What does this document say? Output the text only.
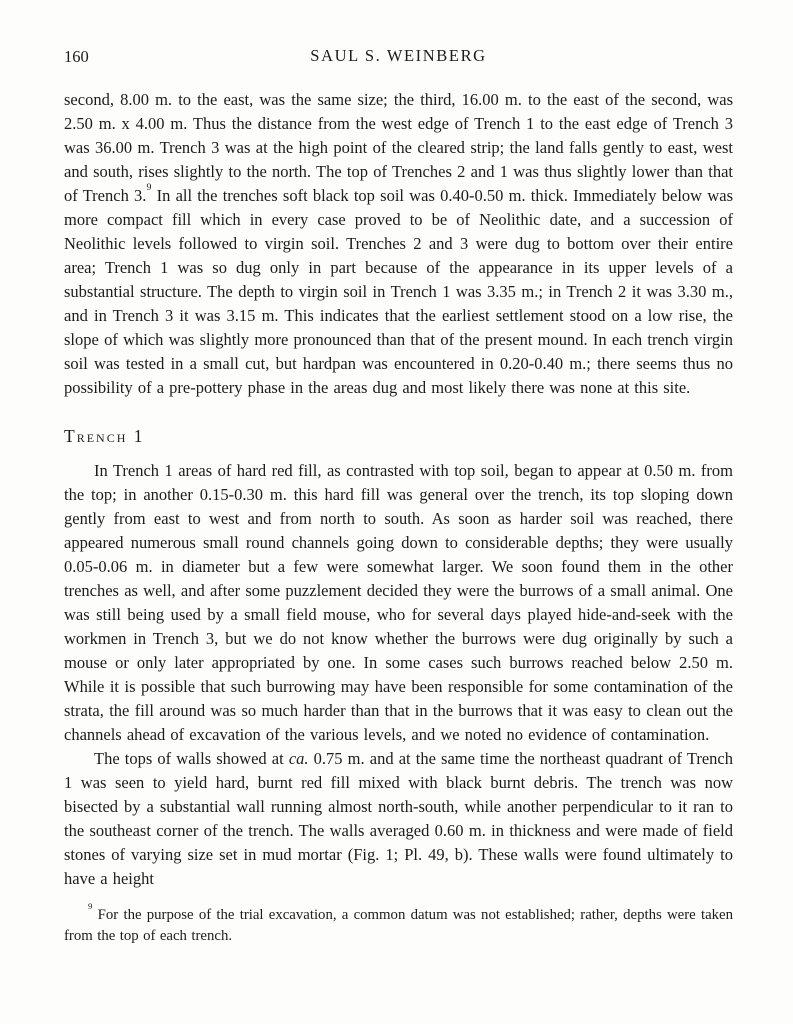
160	SAUL S. WEINBERG

second, 8.00 m. to the east, was the same size; the third, 16.00 m. to the east of the second, was 2.50 m. x 4.00 m. Thus the distance from the west edge of Trench 1 to the east edge of Trench 3 was 36.00 m. Trench 3 was at the high point of the cleared strip; the land falls gently to east, west and south, rises slightly to the north. The top of Trenches 2 and 1 was thus slightly lower than that of Trench 3.$^9$ In all the trenches soft black top soil was 0.40-0.50 m. thick. Immediately below was more compact fill which in every case proved to be of Neolithic date, and a succession of Neolithic levels followed to virgin soil. Trenches 2 and 3 were dug to bottom over their entire area; Trench 1 was so dug only in part because of the appearance in its upper levels of a substantial structure. The depth to virgin soil in Trench 1 was 3.35 m.; in Trench 2 it was 3.30 m., and in Trench 3 it was 3.15 m. This indicates that the earliest settlement stood on a low rise, the slope of which was slightly more pronounced than that of the present mound. In each trench virgin soil was tested in a small cut, but hardpan was encountered in 0.20-0.40 m.; there seems thus no possibility of a pre-pottery phase in the areas dug and most likely there was none at this site.

Trench 1

In Trench 1 areas of hard red fill, as contrasted with top soil, began to appear at 0.50 m. from the top; in another 0.15-0.30 m. this hard fill was general over the trench, its top sloping down gently from east to west and from north to south. As soon as harder soil was reached, there appeared numerous small round channels going down to considerable depths; they were usually 0.05-0.06 m. in diameter but a few were somewhat larger. We soon found them in the other trenches as well, and after some puzzlement decided they were the burrows of a small animal. One was still being used by a small field mouse, who for several days played hide-and-seek with the workmen in Trench 3, but we do not know whether the burrows were dug originally by such a mouse or only later appropriated by one. In some cases such burrows reached below 2.50 m. While it is possible that such burrowing may have been responsible for some contamination of the strata, the fill around was so much harder than that in the burrows that it was easy to clean out the channels ahead of excavation of the various levels, and we noted no evidence of contamination.

The tops of walls showed at ca. 0.75 m. and at the same time the northeast quadrant of Trench 1 was seen to yield hard, burnt red fill mixed with black burnt debris. The trench was now bisected by a substantial wall running almost north-south, while another perpendicular to it ran to the southeast corner of the trench. The walls averaged 0.60 m. in thickness and were made of field stones of varying size set in mud mortar (Fig. 1; Pl. 49, b). These walls were found ultimately to have a height

$^9$ For the purpose of the trial excavation, a common datum was not established; rather, depths were taken from the top of each trench.
